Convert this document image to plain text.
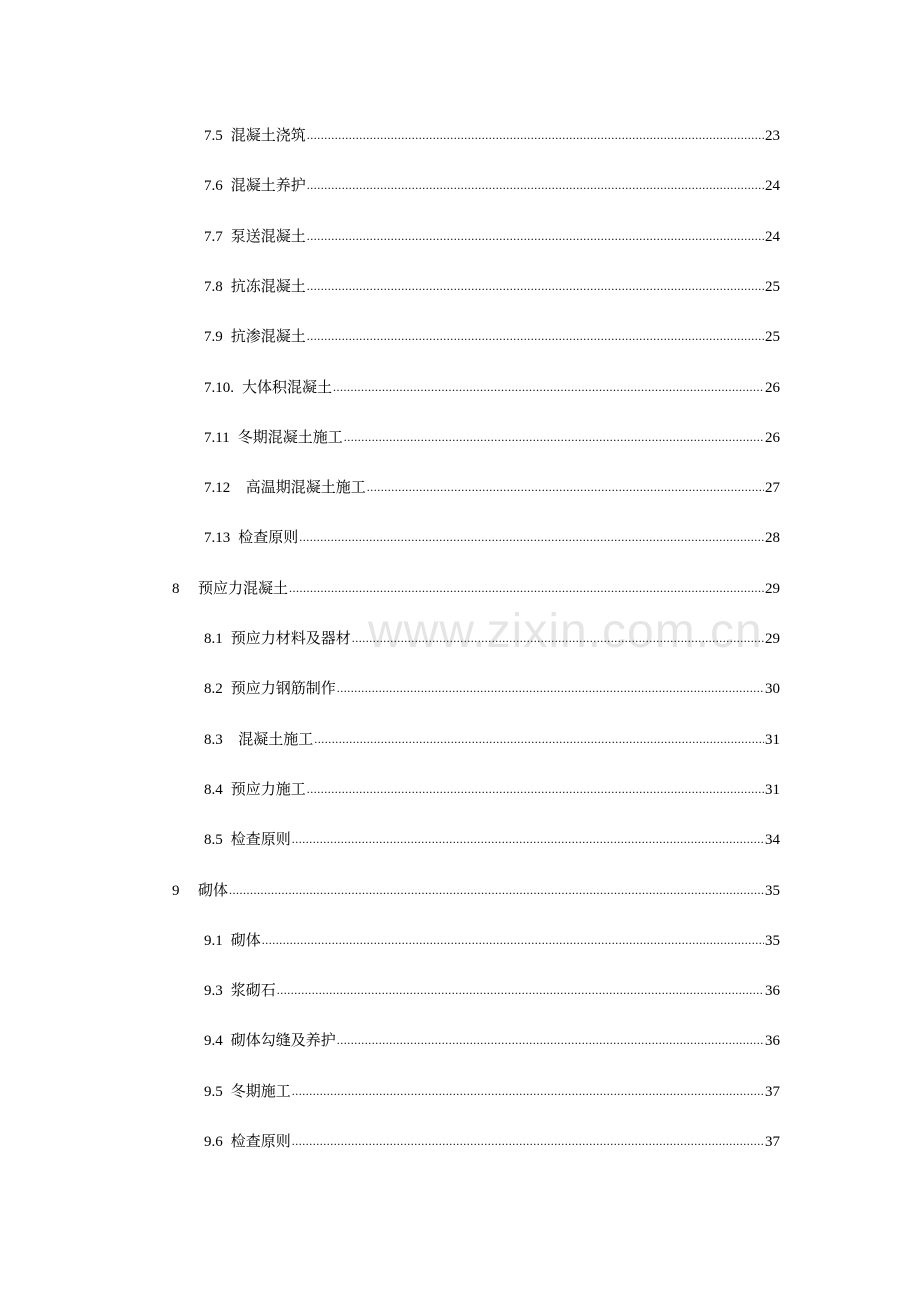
7.5 混凝土浇筑 .....	23
7.6 混凝土养护 .....	24
7.7 泵送混凝土 .....	24
7.8 抗冻混凝土 .....	25
7.9 抗渗混凝土 .....	25
7.10. 大体积混凝土 .....	26
7.11 冬期混凝土施工 .....	26
7.12 高温期混凝土施工 .....	27
7.13 检查原则 .....	28
8	预应力混凝土 .....	29
8.1 预应力材料及器材 .....	29
8.2 预应力钢筋制作 .....	30
8.3 混凝土施工 .....	31
8.4 预应力施工 .....	31
8.5 检查原则 .....	34
9	砌体 .....	35
9.1 砌体 .....	35
9.3 浆砌石 .....	36
9.4 砌体勾缝及养护 .....	36
9.5 冬期施工 .....	37
9.6 检查原则 .....	37
www.zixin.com.cn
